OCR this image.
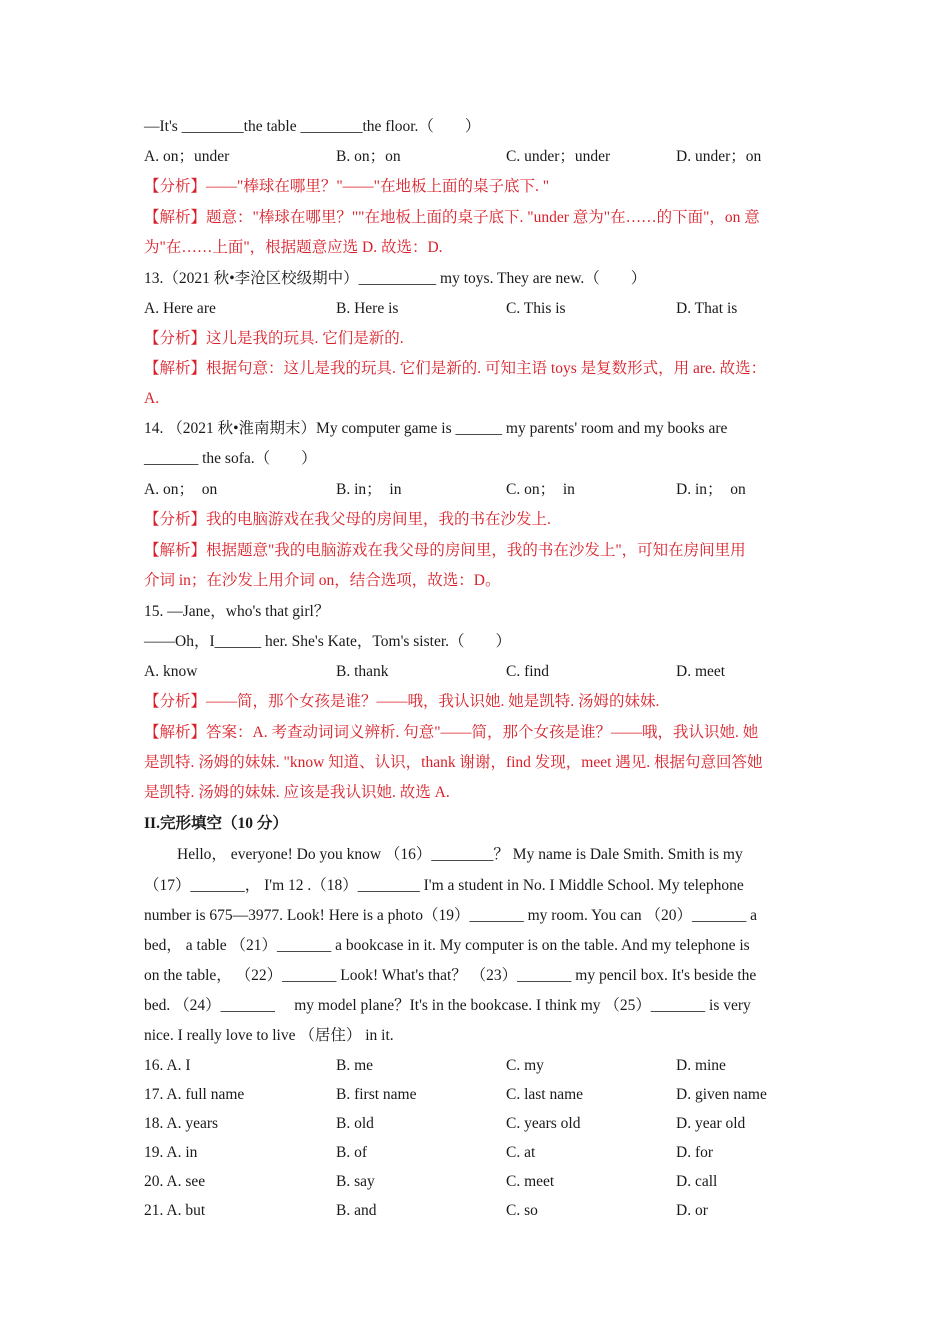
—It's ________the table ________the floor.（　　）
A. on；under	B. on；on	C. under；under	D. under；on
【分析】——"棒球在哪里？"——"在地板上面的桌子底下. "
【解析】题意："棒球在哪里？""在地板上面的桌子底下. "under 意为"在……的下面"，on 意
为"在……上面"，根据题意应选 D. 故选：D.
13.（2021 秋•李沧区校级期中）__________ my toys. They are new.（　　）
A. Here are	B. Here is	C. This is	D. That is
【分析】这儿是我的玩具. 它们是新的.
【解析】根据句意：这儿是我的玩具. 它们是新的. 可知主语 toys 是复数形式，用 are. 故选：
A.
14. （2021 秋•淮南期末）My computer game is ______ my parents' room and my books are
_______ the sofa.（　　）
A. on；　on	B. in；　in	C. on；　in	D. in；　on
【分析】我的电脑游戏在我父母的房间里，我的书在沙发上.
【解析】根据题意"我的电脑游戏在我父母的房间里，我的书在沙发上"，可知在房间里用
介词 in；在沙发上用介词 on，结合选项，故选：D。
15. —Jane，who's that girl？
——Oh，I______ her. She's Kate，Tom's sister.（　　）
A. know	B. thank	C. find	D. meet
【分析】——简，那个女孩是谁？——哦，我认识她. 她是凯特. 汤姆的妹妹.
【解析】答案：A. 考查动词词义辨析. 句意"——简，那个女孩是谁？——哦，我认识她. 她
是凯特. 汤姆的妹妹. "know 知道、认识，thank 谢谢，find 发现，meet 遇见. 根据句意回答她
是凯特. 汤姆的妹妹. 应该是我认识她. 故选 A.
II.完形填空（10 分）
Hello， everyone! Do you know （16）________？ My name is Dale Smith. Smith is my
（17）_______， I'm 12 .（18）________ I'm a student in No. I Middle School. My telephone
number is 675—3977. Look! Here is a photo（19）_______ my room. You can （20）_______ a
bed， a table （21）_______ a bookcase in it. My computer is on the table. And my telephone is
on the table， （22）_______ Look! What's that？ （23）_______ my pencil box. It's beside the
bed. （24）_______　 my model plane？It's in the bookcase. I think my （25）_______ is very
nice. I really love to live （居住） in it.
16. A. I	B. me	C. my	D. mine
17. A. full name	B. first name	C. last name	D. given name
18. A. years	B. old	C. years old	D. year old
19. A. in	B. of	C. at	D. for
20. A. see	B. say	C. meet	D. call
21. A. but	B. and	C. so	D. or
